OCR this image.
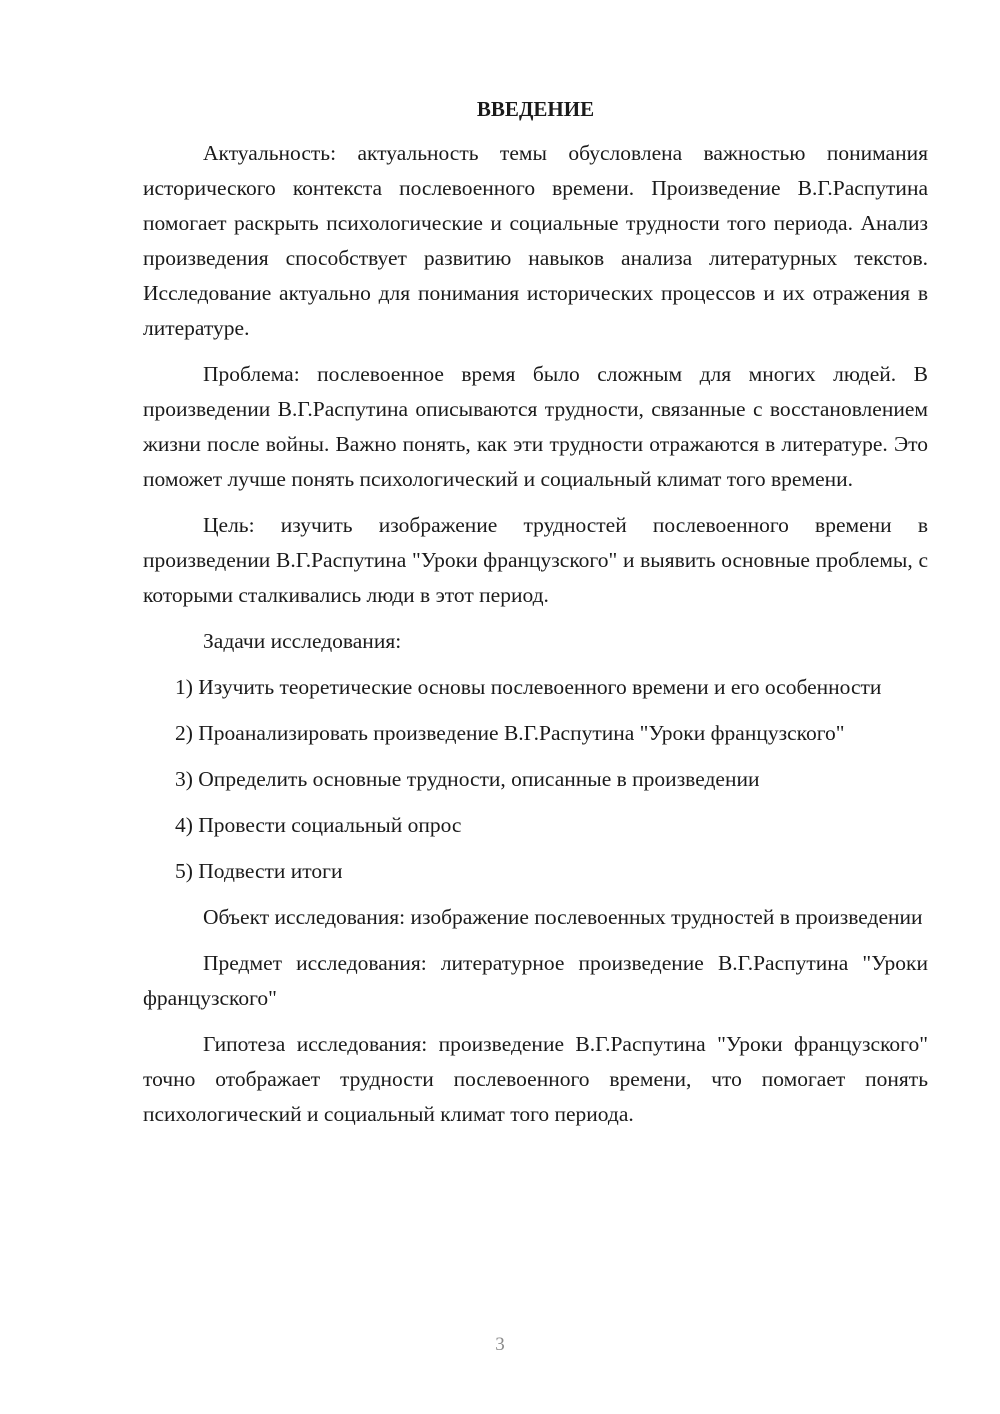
ВВЕДЕНИЕ

Актуальность: актуальность темы обусловлена важностью понимания исторического контекста послевоенного времени. Произведение В.Г.Распутина помогает раскрыть психологические и социальные трудности того периода. Анализ произведения способствует развитию навыков анализа литературных текстов. Исследование актуально для понимания исторических процессов и их отражения в литературе.

Проблема: послевоенное время было сложным для многих людей. В произведении В.Г.Распутина описываются трудности, связанные с восстановлением жизни после войны. Важно понять, как эти трудности отражаются в литературе. Это поможет лучше понять психологический и социальный климат того времени.

Цель: изучить изображение трудностей послевоенного времени в произведении В.Г.Распутина "Уроки французского" и выявить основные проблемы, с которыми сталкивались люди в этот период.

Задачи исследования:

1) Изучить теоретические основы послевоенного времени и его особенности

2) Проанализировать произведение В.Г.Распутина "Уроки французского"

3) Определить основные трудности, описанные в произведении

4) Провести социальный опрос

5) Подвести итоги

Объект исследования: изображение послевоенных трудностей в произведении

Предмет исследования: литературное произведение В.Г.Распутина "Уроки французского"

Гипотеза исследования: произведение В.Г.Распутина "Уроки французского" точно отображает трудности послевоенного времени, что помогает понять психологический и социальный климат того периода.

3
